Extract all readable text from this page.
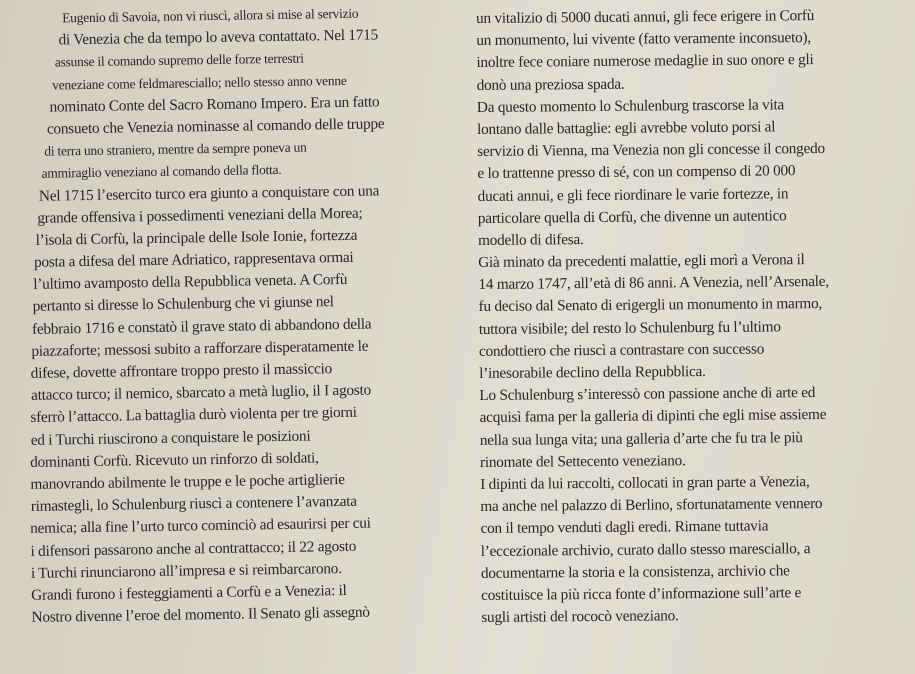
Eugenio di Savoia, non vi riuscì, allora si mise al servizio
di Venezia che da tempo lo aveva contattato. Nel 1715
assunse il comando supremo delle forze terrestri
veneziane come feldmaresciallo; nello stesso anno venne
nominato Conte del Sacro Romano Impero. Era un fatto
consueto che Venezia nominasse al comando delle truppe
di terra uno straniero, mentre da sempre poneva un
ammiraglio veneziano al comando della flotta.
Nel 1715 l’esercito turco era giunto a conquistare con una
grande offensiva i possedimenti veneziani della Morea;
l’isola di Corfù, la principale delle Isole Ionie, fortezza
posta a difesa del mare Adriatico, rappresentava ormai
l’ultimo avamposto della Repubblica veneta. A Corfù
pertanto si diresse lo Schulenburg che vi giunse nel
febbraio 1716 e constatò il grave stato di abbandono della
piazzaforte; messosi subito a rafforzare disperatamente le
difese, dovette affrontare troppo presto il massiccio
attacco turco; il nemico, sbarcato a metà luglio, il I agosto
sferrò l’attacco. La battaglia durò violenta per tre giorni
ed i Turchi riuscirono a conquistare le posizioni
dominanti Corfù. Ricevuto un rinforzo di soldati,
manovrando abilmente le truppe e le poche artiglierie
rimastegli, lo Schulenburg riuscì a contenere l’avanzata
nemica; alla fine l’urto turco cominciò ad esaurirsi per cui
i difensori passarono anche al contrattacco; il 22 agosto
i Turchi rinunciarono all’impresa e si reimbarcarono.
Grandi furono i festeggiamenti a Corfù e a Venezia: il
Nostro divenne l’eroe del momento. Il Senato gli assegnò
un vitalizio di 5000 ducati annui, gli fece erigere in Corfù
un monumento, lui vivente (fatto veramente inconsueto),
inoltre fece coniare numerose medaglie in suo onore e gli
donò una preziosa spada.
Da questo momento lo Schulenburg trascorse la vita
lontano dalle battaglie: egli avrebbe voluto porsi al
servizio di Vienna, ma Venezia non gli concesse il congedo
e lo trattenne presso di sé, con un compenso di 20 000
ducati annui, e gli fece riordinare le varie fortezze, in
particolare quella di Corfù, che divenne un autentico
modello di difesa.
Già minato da precedenti malattie, egli morì a Verona il
14 marzo 1747, all’età di 86 anni. A Venezia, nell’Arsenale,
fu deciso dal Senato di erigergli un monumento in marmo,
tuttora visibile; del resto lo Schulenburg fu l’ultimo
condottiero che riuscì a contrastare con successo
l’inesorabile declino della Repubblica.
Lo Schulenburg s’interessò con passione anche di arte ed
acquisì fama per la galleria di dipinti che egli mise assieme
nella sua lunga vita; una galleria d’arte che fu tra le più
rinomate del Settecento veneziano.
I dipinti da lui raccolti, collocati in gran parte a Venezia,
ma anche nel palazzo di Berlino, sfortunatamente vennero
con il tempo venduti dagli eredi. Rimane tuttavia
l’eccezionale archivio, curato dallo stesso maresciallo, a
documentarne la storia e la consistenza, archivio che
costituisce la più ricca fonte d’informazione sull’arte e
sugli artisti del rococò veneziano.
